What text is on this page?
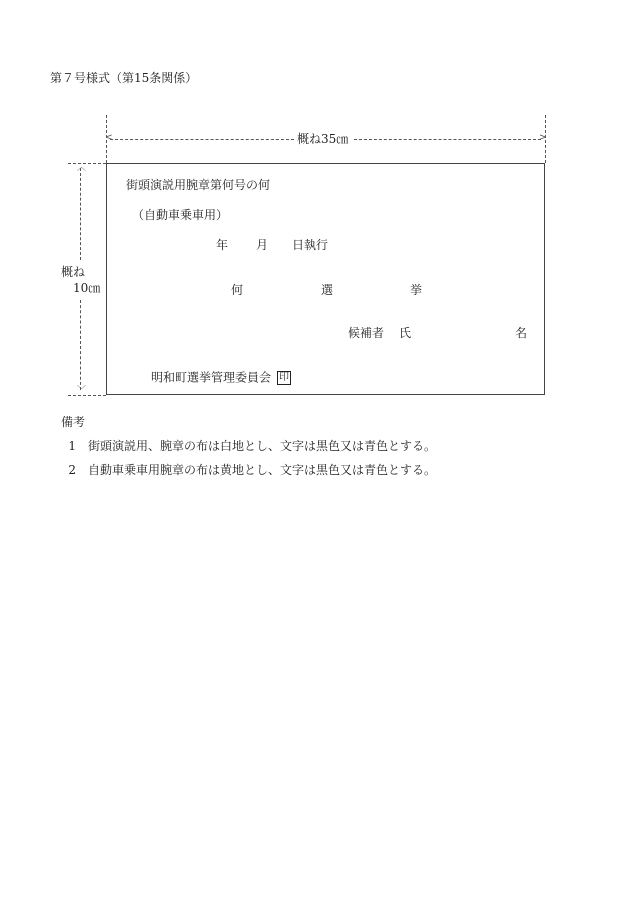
第７号様式（第15条関係）
<	>
概ね35㎝
︿
﹀
概ね
10㎝
街頭演説用腕章第何号の何
（自動車乗車用）
年 月 日執行
何	選	挙
候補者 氏	名
明和町選挙管理委員会 印
備考
1 街頭演説用、腕章の布は白地とし、文字は黒色又は青色とする。
2 自動車乗車用腕章の布は黄地とし、文字は黒色又は青色とする。
